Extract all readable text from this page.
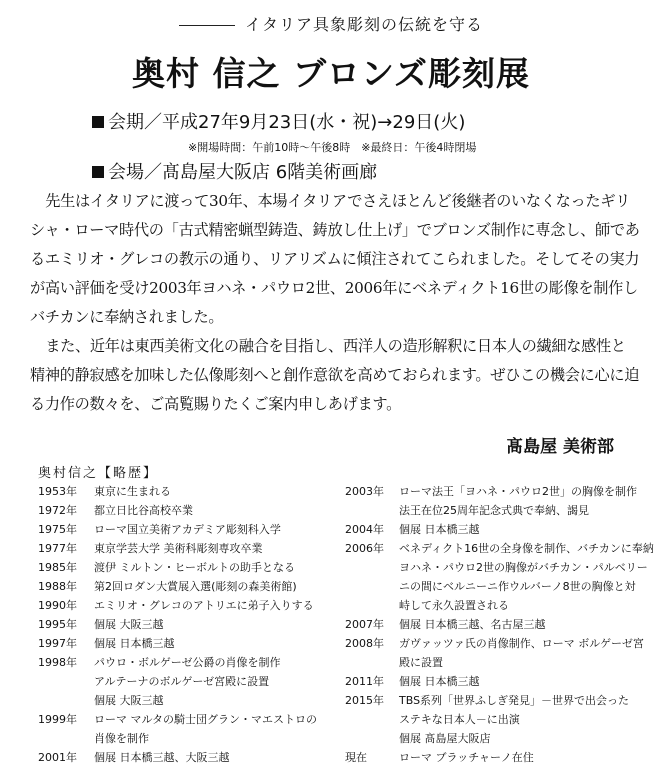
イタリア具象彫刻の伝統を守る
奥村 信之 ブロンズ彫刻展
会期／平成27年9月23日(水・祝)→29日(火)
※開場時間：午前10時～午後8時　※最終日：午後4時閉場
会場／髙島屋大阪店 6階美術画廊

先生はイタリアに渡って30年、本場イタリアでさえほとんど後継者のいなくなったギリシャ・ローマ時代の「古式精密蝋型鋳造、鋳放し仕上げ」でブロンズ制作に専念し、師であるエミリオ・グレコの教示の通り、リアリズムに傾注されてこられました。そしてその実力が高い評価を受け2003年ヨハネ・パウロ2世、2006年にベネディクト16世の彫像を制作しバチカンに奉納されました。

また、近年は東西美術文化の融合を目指し、西洋人の造形解釈に日本人の繊細な感性と精神的静寂感を加味した仏像彫刻へと創作意欲を高めておられます。ぜひこの機会に心に迫る力作の数々を、ご高覧賜りたくご案内申しあげます。

髙島屋 美術部
奥村信之【略歴】
1953年	東京に生まれる
1972年	都立日比谷高校卒業
1975年	ローマ国立美術アカデミア彫刻科入学
1977年	東京学芸大学 美術科彫刻専攻卒業
1985年	渡伊 ミルトン・ヒーボルトの助手となる
1988年	第2回ロダン大賞展入選(彫刻の森美術館)
1990年	エミリオ・グレコのアトリエに弟子入りする
1995年	個展 大阪三越
1997年	個展 日本橋三越
1998年	パウロ・ボルゲーゼ公爵の肖像を制作
アルテーナのボルゲーゼ宮殿に設置
個展 大阪三越
1999年	ローマ マルタの騎士団グラン・マエストロの
肖像を制作
2001年	個展 日本橋三越、大阪三越
2003年	ローマ法王「ヨハネ・パウロ2世」の胸像を制作
法王在位25周年記念式典で奉納、謁見
2004年	個展 日本橋三越
2006年	ベネディクト16世の全身像を制作、バチカンに奉納
ヨハネ・パウロ2世の胸像がバチカン・パルベリー
ニの間にベルニーニ作ウルバーノ8世の胸像と対
峙して永久設置される
2007年	個展 日本橋三越、名古屋三越
2008年	ガヴァッツァ氏の肖像制作、ローマ ボルゲーゼ宮
殿に設置
2011年	個展 日本橋三越
2015年	TBS系列「世界ふしぎ発見」－世界で出会った
ステキな日本人－に出演
個展 髙島屋大阪店
現在	ローマ ブラッチャーノ在住
